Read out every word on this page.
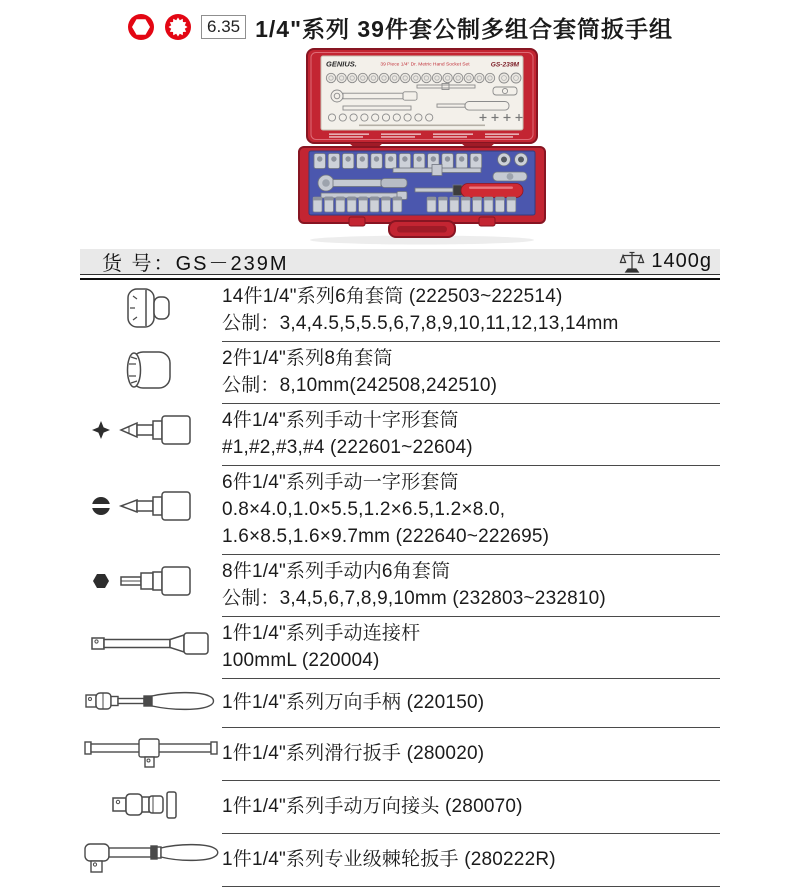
6.35 1/4"系列 39件套公制多组合套筒扳手组
GENIUS.	39 Piece 1/4" Dr. Metric Hand Socket Set	GS-239M
货 号：GS－239M	1400g

14件1/4"系列6角套筒 (222503~222514)
公制：3,4,4.5,5,5.5,6,7,8,9,10,11,12,13,14mm

2件1/4"系列8角套筒
公制：8,10mm(242508,242510)

4件1/4"系列手动十字形套筒
#1,#2,#3,#4 (222601~22604)

6件1/4"系列手动一字形套筒
0.8×4.0,1.0×5.5,1.2×6.5,1.2×8.0,
1.6×8.5,1.6×9.7mm (222640~222695)

8件1/4"系列手动内6角套筒
公制：3,4,5,6,7,8,9,10mm (232803~232810)

1件1/4"系列手动连接杆
100mmL (220004)

1件1/4"系列万向手柄 (220150)

1件1/4"系列滑行扳手 (280020)

1件1/4"系列手动万向接头 (280070)

1件1/4"系列专业级棘轮扳手 (280222R)
